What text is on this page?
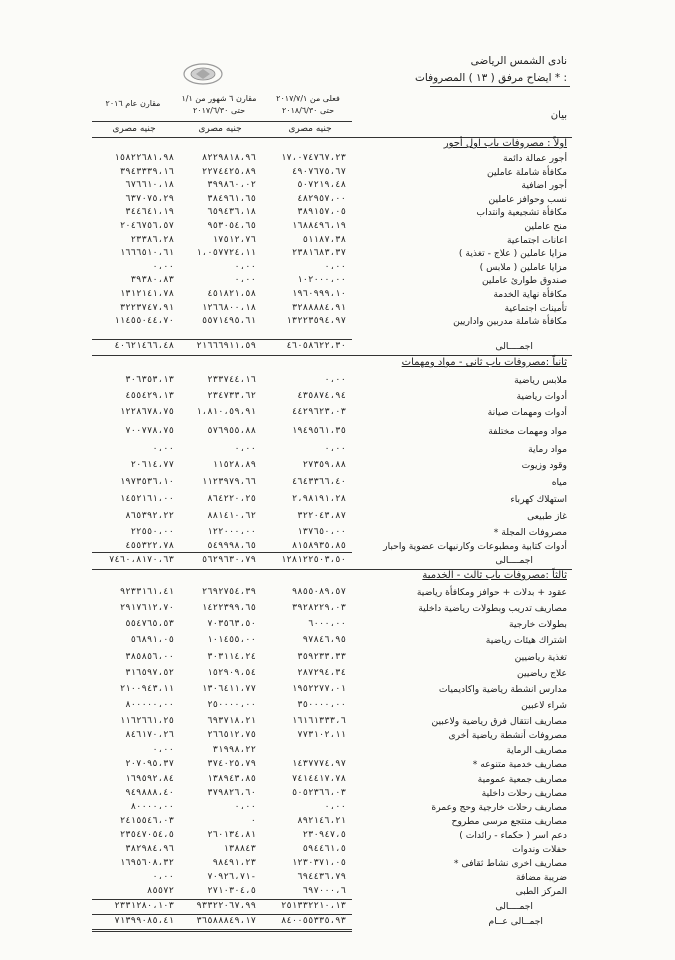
نادى الشمس الرياضى
ايضاح مرفق ( ١٣ ) المصروفات * :
فعلى من ٢٠١٧/٧/١
حتى ٢٠١٨/٦/٣٠
مقارن ٦ شهور من ١/١
حتى ٢٠١٧/٦/٣٠
مقارن عام ٢٠١٦
بيان
جنيه مصرى
جنيه مصرى
جنيه مصرى
اولاً : مصروفات باب اول أجور
أجور عمالة دائمة
١٧،٠٧٤٧٦٧،٢٣
٨٢٢٩٨١٨،٩٦
١٥٨٢٢٦٨١،٩٨
مكافأة شاملة عاملين
٤٩٠٧٦٧٥،٦٧
٢٢٧٤٤٢٥،٨٩
٣٩٤٣٣٣٩،١٦
أجور اضافية
٥٠٧٢١٩،٤٨
٣٩٩٨٦٠،٠٢
٦٧٦٦١٠،١٨
نسب وحوافز عاملين
٤٨٢٩٥٧،٠٠
٣٨٤٩٦١،٦٥
٦٣٧٠٧٥،٢٩
مكافأة تشجيعية وانتداب
٣٨٩١٥٧،٠٥
٦٥٩٤٣٦،١٨
٣٤٤٦٤١،١٩
منح عاملين
١٦٨٨٤٩٦،١٩
٩٥٣٠٥٤،٦٥
٢٠٤٦٧٥٦،٥٧
اعانات اجتماعية
٥١١٨٧،٣٨
١٧٥١٢،٧٦
٢٣٣٨٦،٢٨
مزايا عاملين ( علاج - تغذية )
٢٣٨١٦٨٣،٣٧
١،٠٥٧٧٢٤،١١
١٦٦٦٥١٠،٦١
مزايا عاملين ( ملابس )
٠،٠٠
٠،٠٠
٠،٠٠
صندوق طوارئ عاملين
١٠٢٠٠٠،٠٠
٠،٠٠
٣٩٣٨٠،٨٣
مكافأة نهاية الخدمة
١٩٦٠٩٩٩،١٠
٤٥١٨٢١،٥٨
١٣١٢١٤١،٧٨
تأمينات اجتماعية
٣٢٨٨٨٨٤،٩١
١٢٦٦٨٠٠،١٨
٣٢٢٣٧٤٧،٩١
مكافأة شاملة مدربين واداريين
١٣٢٢٣٥٩٤،٩٧
٥٥٧١٤٩٥،٦١
١١٤٥٥٠٤٤،٧٠
اجمــــالى
٤٦٠٥٨٦٢٢،٣٠
٢١٦٦٦٩١١،٥٩
٤٠٦٢١٤٦٦،٤٨
ثانياً :مصروفات باب ثانى - مواد ومهمات
ملابس رياضية
٠،٠٠
٢٣٣٧٤٤،١٦
٣٠٦٣٥٣،١٣
أدوات رياضية
٤٣٥٨٧٤،٩٤
٢٣٤٧٣٣،٦٢
٤٥٥٤٢٩،١٣
أدوات ومهمات صيانة
٤٤٢٩٦٢٣،٠٣
١،٨١٠،٥٩،٩١
١٢٢٨٦٧٨،٧٥
مواد ومهمات مختلفة
١٩٤٩٥٦١،٣٥
٥٧٦٩٥٥،٨٨
٧٠٠٧٧٨،٧٥
مواد رماية
٠،٠٠
٠،٠٠
٠،٠٠
وقود وزيوت
٢٧٣٥٩،٨٨
١١٥٢٨،٨٩
٢٠٦١٤،٧٧
مياه
٤٦٤٣٣٦٦،٤٠
١١٢٣٩٧٩،٦٦
١٩٧٣٥٣٦،١٠
استهلاك كهرباء
٢،٩٨١٩١،٢٨
٨٦٤٢٢٠،٢٥
١٤٥٢١٦١،٠٠
غاز طبيعى
٣٢٢٠٤٣،٨٧
٨٨١٤١٠،٦٢
٨٦٥٣٩٢،٢٢
مصروفات المجلة *
١٣٧٦٥٠،٠٠
١٢٢٠٠٠،٠٠
٢٢٥٥٠،٠٠
أدوات كتابية ومطبوعات وكارنيهات عضوية واحبار
٨١٥٨٩٣٥،٨٥
٥٤٩٩٩٨،٦٥
٤٥٥٣٢٢،٧٨
اجمــــالى
١٢٨١٢٢٥٠٣،٥٠
٥٦٢٩٦٣٠،٧٩
٧٤٦٠،٨١٧٠،٦٣
ثالثاً :مصروفات باب ثالث - الخدمية
عقود + بدلات + حوافز ومكافأة رياضية
٩٨٥٥٠٨٩،٥٧
٢٦٩٢٧٥٤،٣٩
٩٢٣٣١٦١،٤١
مصاريف تدريب وبطولات رياضية داخلية
٣٩٢٨٢٢٩،٠٣
١٤٢٢٣٩٩،٦٥
٢٩١٧٦١٢،٧٠
بطولات خارجية
٦٠٠٠،٠٠
٧٠٣٥٦٣،٥٠
٥٥٤٧٦٥،٥٣
اشتراك هيئات رياضية
٩٧٨٤٦،٩٥
١٠١٤٥٥،٠٠
٥٦٨٩١،٠٥
تغذية رياضيين
٣٥٩٢٣٣،٣٣
٣٠٣١١٤،٢٤
٣٨٥٨٥٦،٠٠
علاج رياضيين
٢٨٧٢٩٤،٣٤
١٥٢٩٠٩،٥٤
٣١٦٥٩٧،٥٢
مدارس انشطة رياضية واكاديميات
١٩٥٢٢٧٧،٠١
١٣٠٦٤١١،٧٧
٢١٠٠٩٤٣،١١
شراء لاعبين
٣٥٠٠٠٠،٠٠
٢٥٠٠٠٠،٠٠
٨٠٠٠٠٠،٠٠
مصاريف انتقال فرق رياضية ولاعبين
١٦١٦١٣٣٣،٦
٦٩٣٧١٨،٢١
١١٦٢٦٦١،٢٥
مصروفات أنشطة رياضية أخرى
٧٧٣١٠٢،١١
٢٦٦٥١٢،٧٥
٨٤٦١٧٠،٢٦
مصاريف الرماية
٣١٩٩٨،٢٢
٠،٠٠
مصاريف خدمية متنوعه *
١٤٣٧٧٧٤،٩٧
٣٧٤٠٢٥،٧٩
٢٠٧٠٩٥،٣٧
مصاريف جمعية عمومية
٧٤١٤٤١٧،٧٨
١٣٨٩٤٣،٨٥
١٦٩٥٩٢،٨٤
مصاريف رحلات داخلية
٥٠٥٢٣٦٦،٠٣
٣٧٩٨٢٦،٦٠
٩٤٩٨٨٨،٤٠
مصاريف رحلات خارجية وحج وعمرة
٠،٠٠
٠،٠٠
٨٠٠٠٠،٠٠
مصاريف منتجع مرسى مطروح
٨٩٢١٤٦،٢١
٠
٢٤١٥٥٤٦،٠٣
دعم اسر ( حكماء - رائدات )
٢٣٠٩٤٧،٥
٢٦٠١٣٤،٨١
٢٣٥٤٧٠٥٤،٥
حفلات وندوات
٥٩٤٤٦١،٥
١٣٨٨٤٣
٣٨٢٩٨٤،٩٦
مصاريف اخرى نشاط ثقافى *
١٢٣٠٣٧١،٠٥
٩٨٤٩١،٢٣
١٦٩٥٦٠٨،٣٢
ضريبة مضافة
٦٩٤٤٣٦،٧٩
٧٠٩٢٦،٧١-
٠،٠٠
المركز الطبى
٦٩٧٠٠٠،٦
٢٧١٠٣٠٤،٥
٨٥٥٧٢
اجمــــالى
٢٥١٣٣٢٢١٠،١٣
٩٣٣٢٢٠٦٧،٩٩
٢٣٣١٢٨٠،١٠٣
اجمــالى عــام
٨٤٠٠٥٥٣٣٥،٩٣
٣٦٥٨٨٨٤٩،١٧
٧١٣٩٩٠٨٥،٤١
